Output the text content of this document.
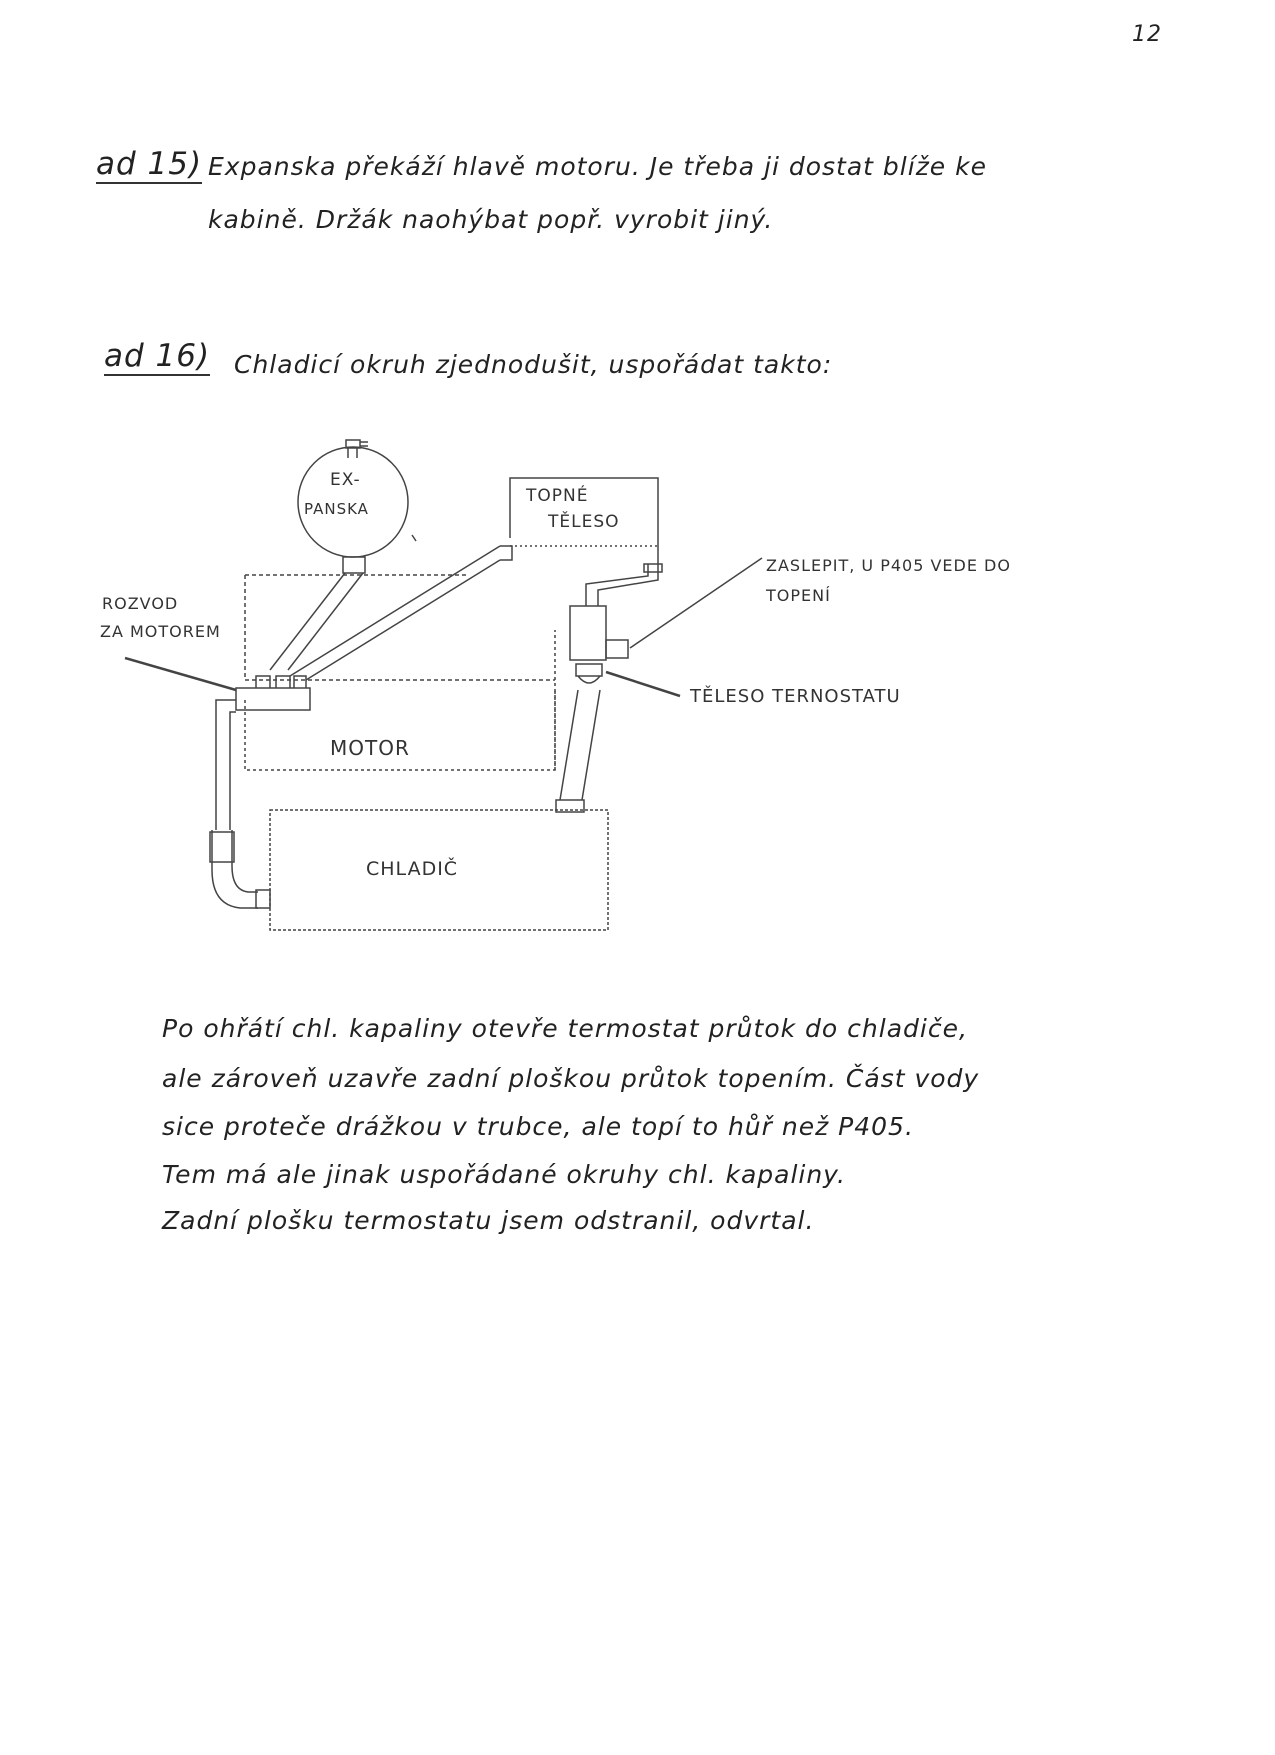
12
ad 15) Expanska překáží hlavě motoru. Je třeba ji dostat blíže ke
kabině. Držák naohýbat popř. vyrobit jiný.
ad 16) Chladicí okruh zjednodušit, uspořádat takto:
EX-
PANSKA
TOPNÉ
TĚLESO
ZASLEPIT, U P405 VEDE DO
TOPENÍ
ROZVOD
ZA MOTOREM
TĚLESO TERNOSTATU
MOTOR
CHLADIČ
Po ohřátí chl. kapaliny otevře termostat průtok do chladiče,
ale zároveň uzavře zadní ploškou průtok topením. Část vody
sice proteče drážkou v trubce, ale topí to hůř než P405.
Tem má ale jinak uspořádané okruhy chl. kapaliny.
Zadní plošku termostatu jsem odstranil, odvrtal.
